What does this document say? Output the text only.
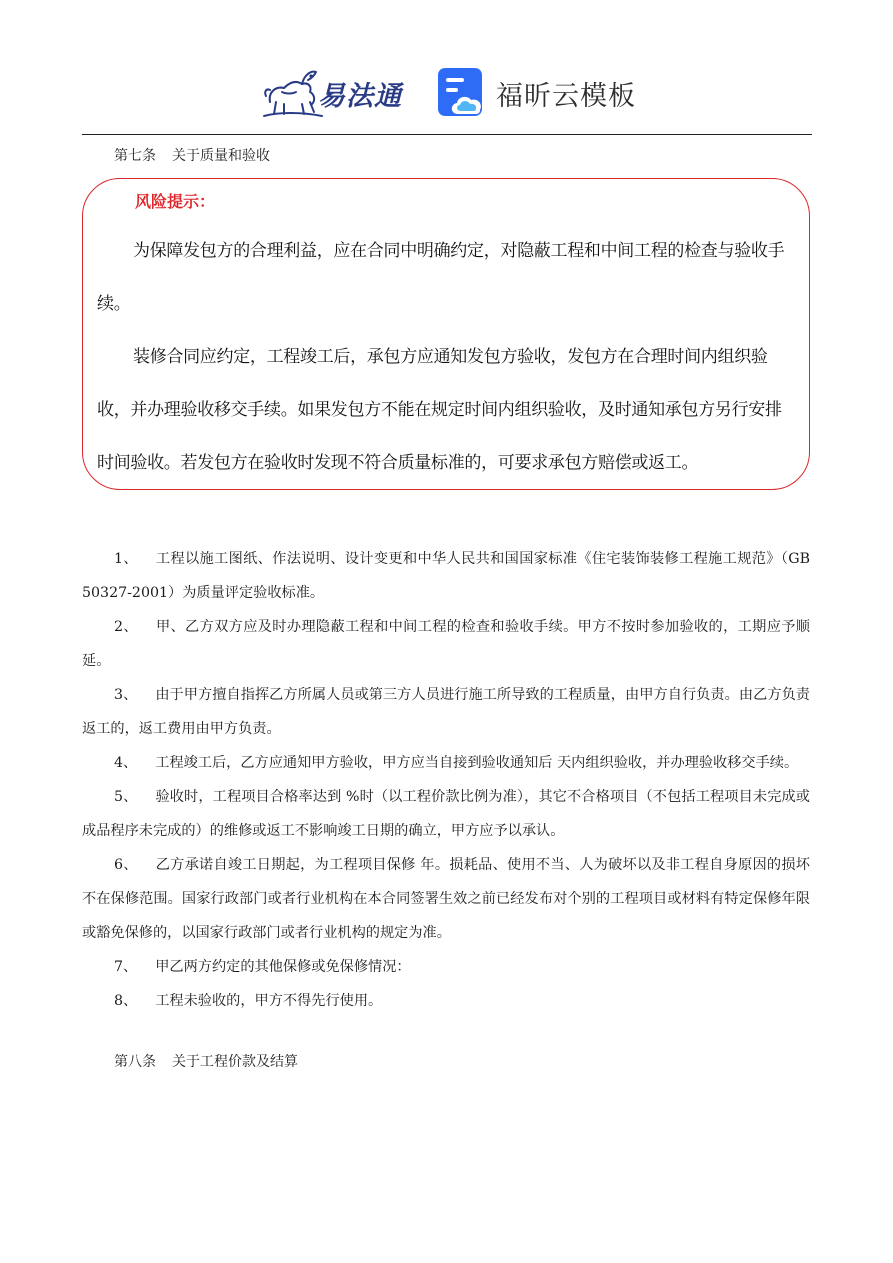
易法通	福昕云模板
第七条 关于质量和验收
风险提示：
为保障发包方的合理利益，应在合同中明确约定，对隐蔽工程和中间工程的检查与验收手续。
装修合同应约定，工程竣工后，承包方应通知发包方验收，发包方在合理时间内组织验收，并办理验收移交手续。如果发包方不能在规定时间内组织验收，及时通知承包方另行安排时间验收。若发包方在验收时发现不符合质量标准的，可要求承包方赔偿或返工。
1、 工程以施工图纸、作法说明、设计变更和中华人民共和国国家标准《住宅装饰装修工程施工规范》（GB 50327-2001）为质量评定验收标准。
2、 甲、乙方双方应及时办理隐蔽工程和中间工程的检查和验收手续。甲方不按时参加验收的，工期应予顺延。
3、 由于甲方擅自指挥乙方所属人员或第三方人员进行施工所导致的工程质量，由甲方自行负责。由乙方负责返工的，返工费用由甲方负责。
4、 工程竣工后，乙方应通知甲方验收，甲方应当自接到验收通知后 天内组织验收，并办理验收移交手续。
5、 验收时，工程项目合格率达到 %时（以工程价款比例为准），其它不合格项目（不包括工程项目未完成或成品程序未完成的）的维修或返工不影响竣工日期的确立，甲方应予以承认。
6、 乙方承诺自竣工日期起，为工程项目保修 年。损耗品、使用不当、人为破坏以及非工程自身原因的损坏不在保修范围。国家行政部门或者行业机构在本合同签署生效之前已经发布对个别的工程项目或材料有特定保修年限或豁免保修的，以国家行政部门或者行业机构的规定为准。
7、 甲乙两方约定的其他保修或免保修情况：
8、 工程未验收的，甲方不得先行使用。
第八条 关于工程价款及结算
